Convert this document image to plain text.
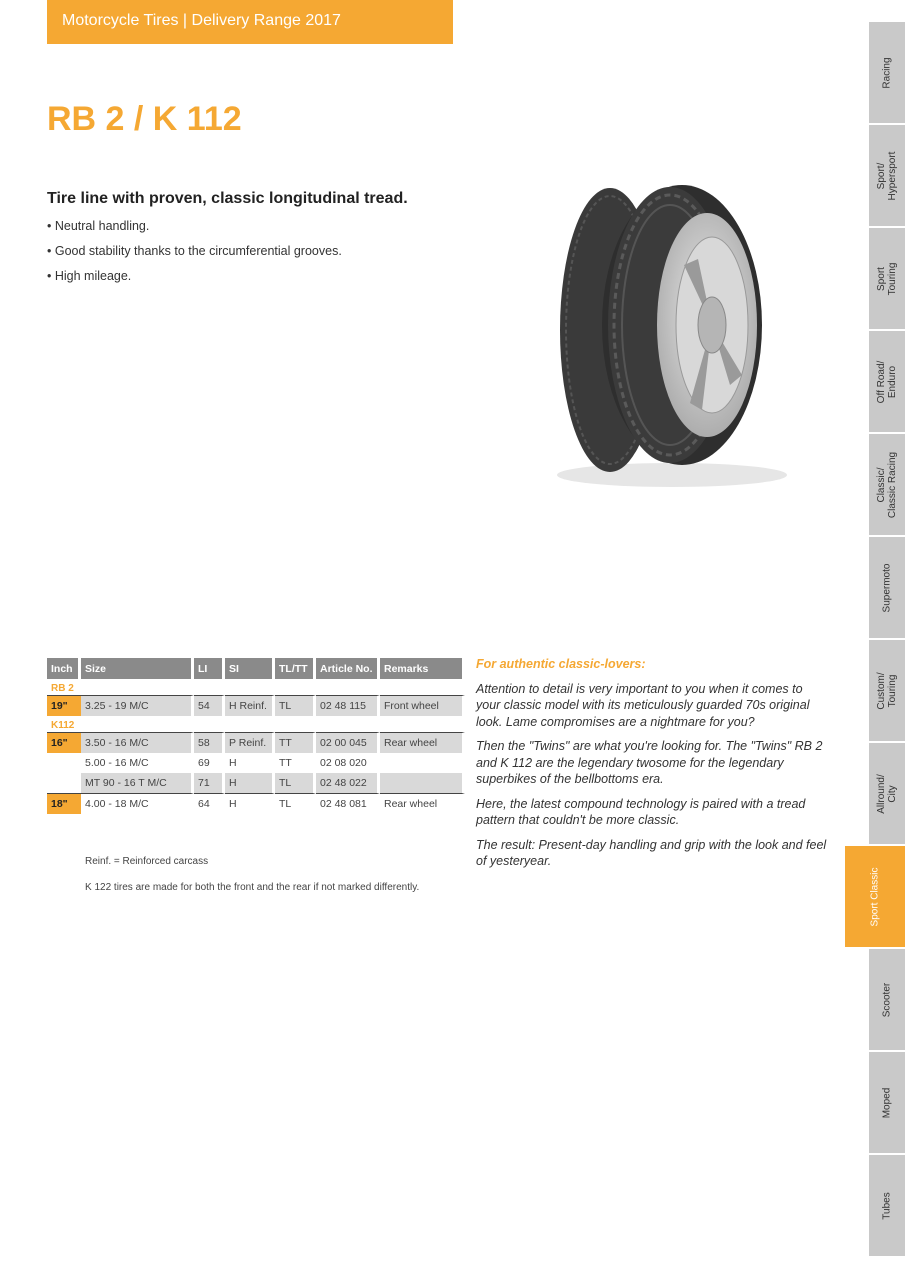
Motorcycle Tires | Delivery Range 2017
RB 2 / K 112
Tire line with proven, classic longitudinal tread.
• Neutral handling.
• Good stability thanks to the circumferential grooves.
• High mileage.
Inch	Size	LI	SI	TL/TT	Article No.	Remarks
RB 2						
19"	3.25 - 19 M/C	54	H Reinf.	TL	02 48 115	Front wheel
K112						
16"	3.50 - 16 M/C	58	P Reinf.	TT	02 00 045	Rear wheel
	5.00 - 16 M/C	69	H	TT	02 08 020	
	MT 90 - 16 T M/C	71	H	TL	02 48 022	
18"	4.00 - 18 M/C	64	H	TL	02 48 081	Rear wheel
Reinf. = Reinforced carcass
K 122 tires are made for both the front and the rear if not marked differently.
For authentic classic-lovers:

Attention to detail is very important to you when it comes to your classic model with its meticulously guarded 70s original look. Lame compromises are a nightmare for you?

Then the "Twins" are what you're looking for. The "Twins" RB 2 and K 112 are the legendary twosome for the legendary superbikes of the bellbottoms era.

Here, the latest compound technology is paired with a tread pattern that couldn't be more classic.

The result: Present-day handling and grip with the look and feel of yesteryear.

Racing
Sport/
Hypersport
Sport
Touring
Off Road/
Enduro
Classic/
Classic Racing
Supermoto
Custom/
Touring
Allround/
City
Sport Classic
Scooter
Moped
Tubes
